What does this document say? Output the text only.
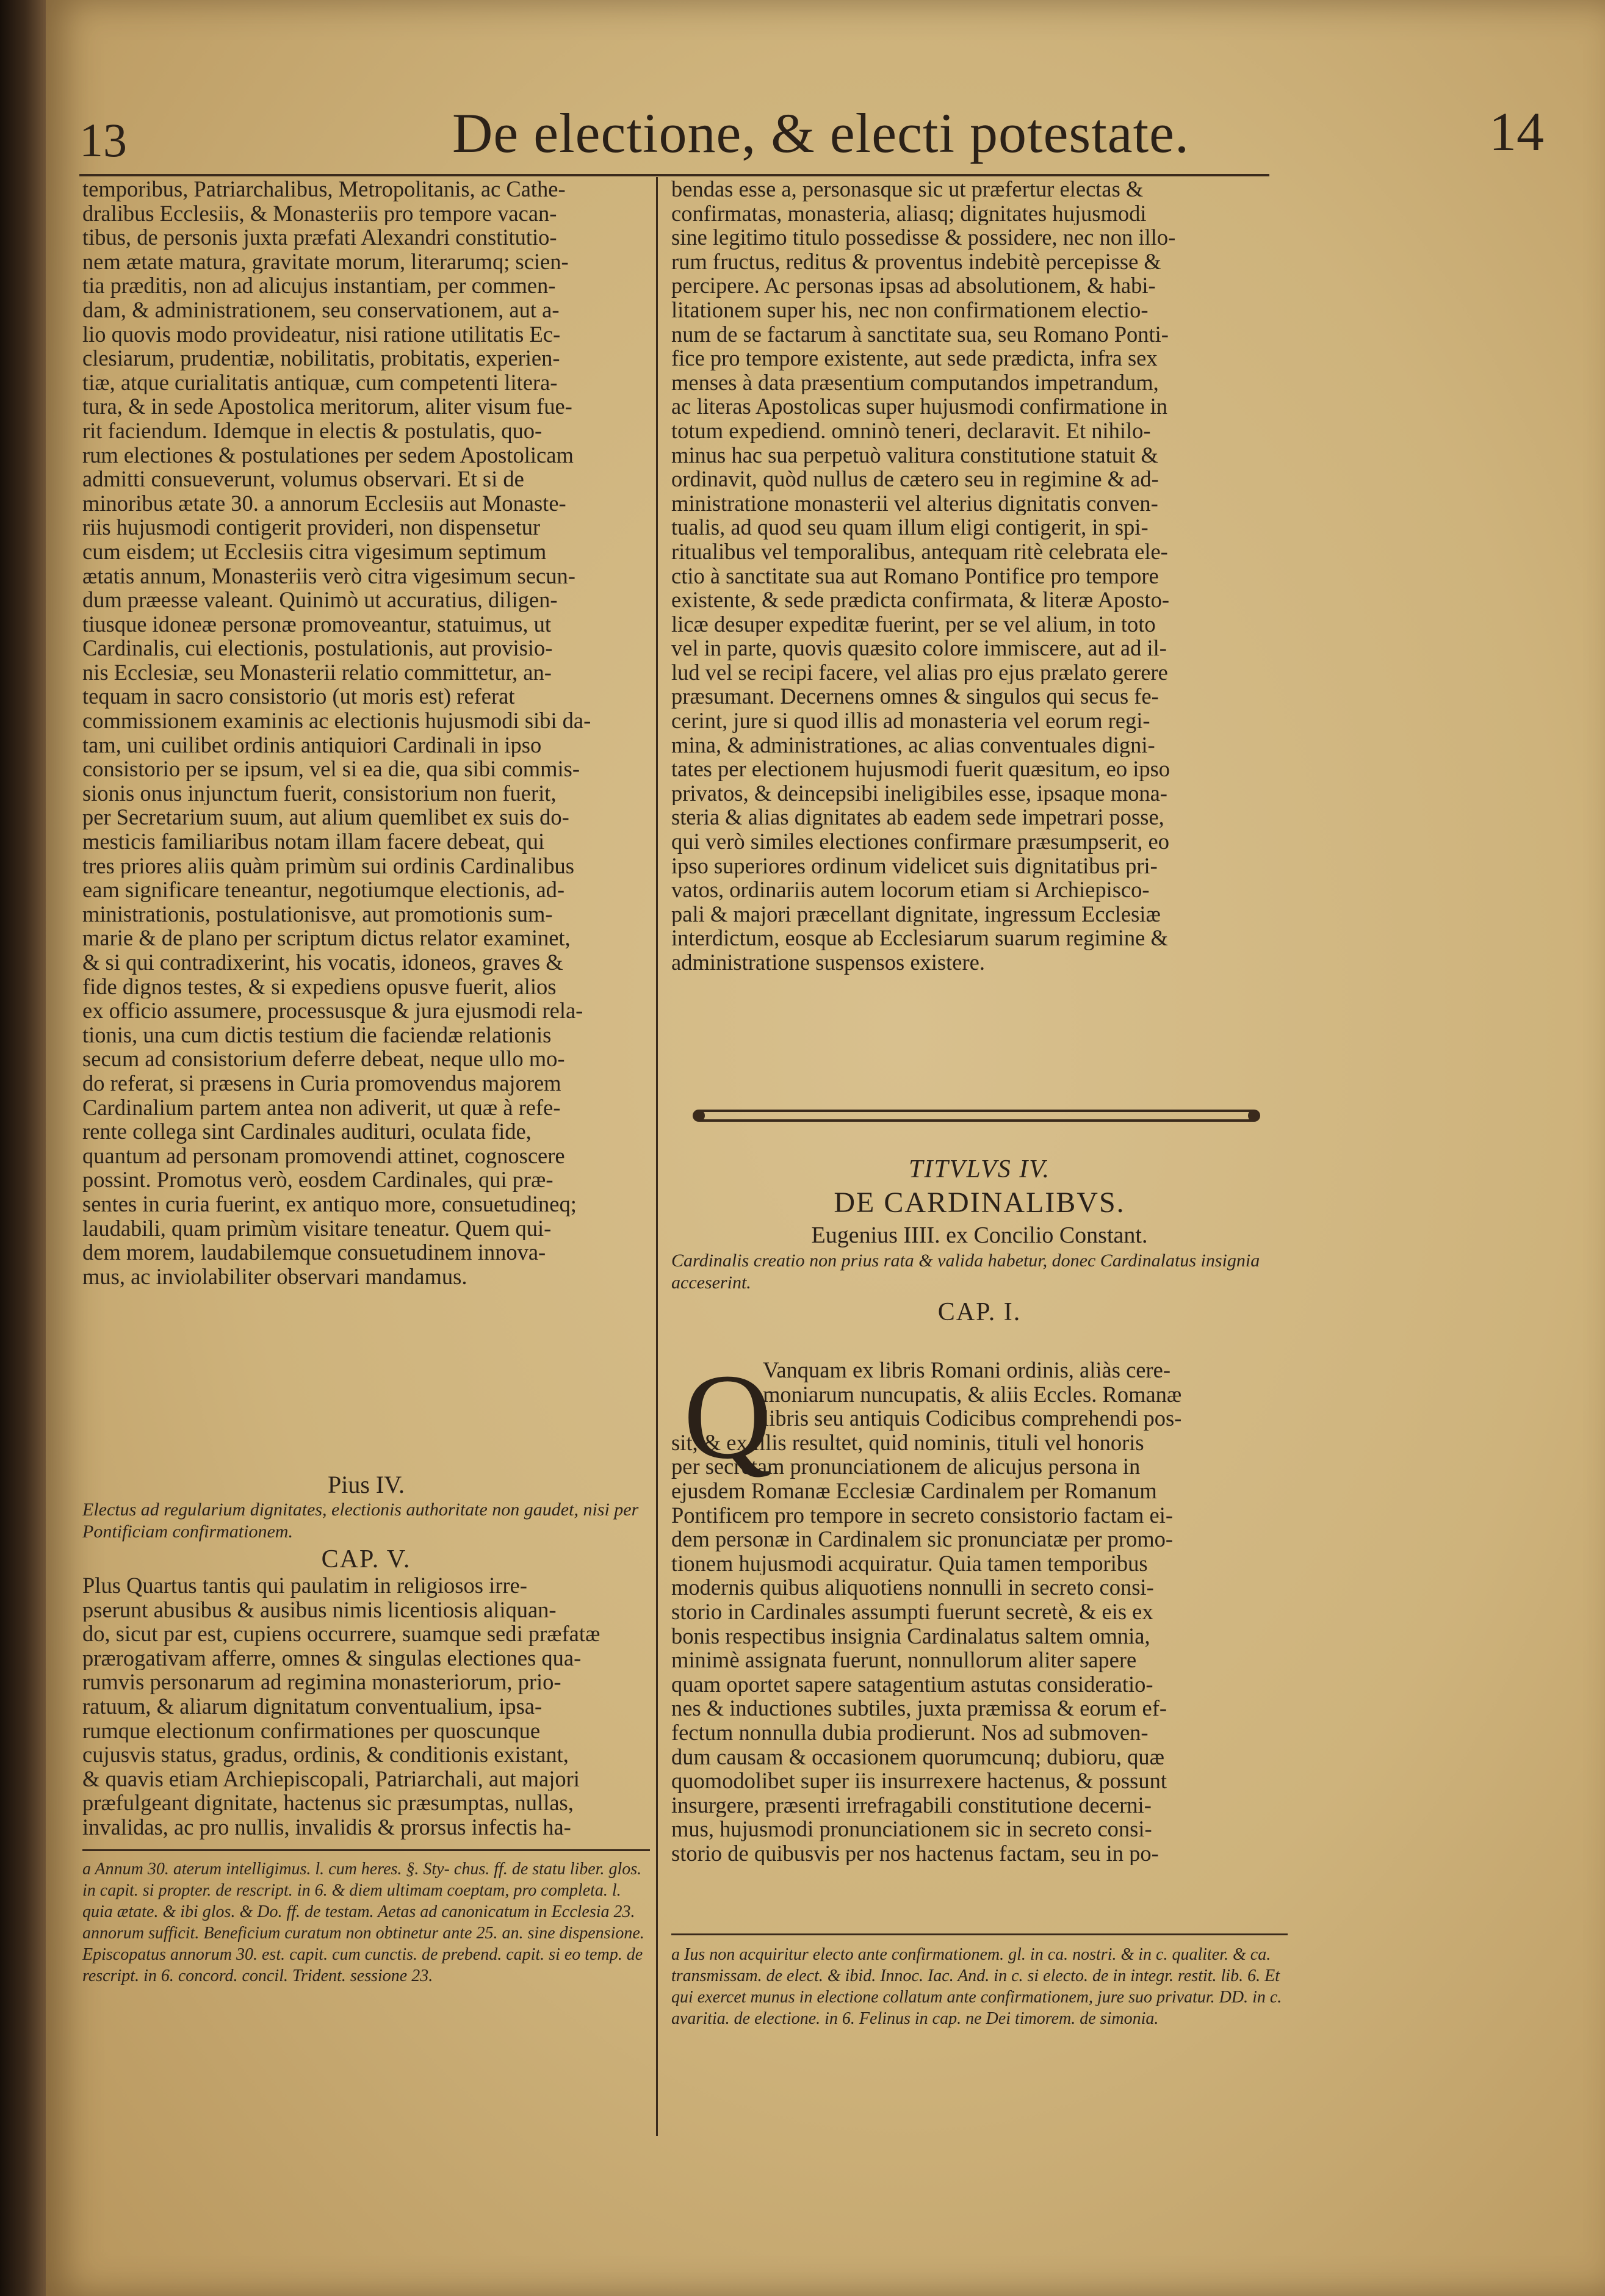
13	De electione, & electi potestate.	14
temporibus, Patriarchalibus, Metropolitanis, ac Cathe-
dralibus Ecclesiis, & Monasteriis pro tempore vacan-
tibus, de personis juxta præfati Alexandri constitutio-
nem ætate matura, gravitate morum, literarumq; scien-
tia præditis, non ad alicujus instantiam, per commen-
dam, & administrationem, seu conservationem, aut a-
lio quovis modo provideatur, nisi ratione utilitatis Ec-
clesiarum, prudentiæ, nobilitatis, probitatis, experien-
tiæ, atque curialitatis antiquæ, cum competenti litera-
tura, & in sede Apostolica meritorum, aliter visum fue-
rit faciendum. Idemque in electis & postulatis, quo-
rum electiones & postulationes per sedem Apostolicam
admitti consueverunt, volumus observari. Et si de
minoribus ætate 30. a annorum Ecclesiis aut Monaste-
riis hujusmodi contigerit provideri, non dispensetur
cum eisdem; ut Ecclesiis citra vigesimum septimum
ætatis annum, Monasteriis verò citra vigesimum secun-
dum præesse valeant. Quinimò ut accuratius, diligen-
tiusque idoneæ personæ promoveantur, statuimus, ut
Cardinalis, cui electionis, postulationis, aut provisio-
nis Ecclesiæ, seu Monasterii relatio committetur, an-
tequam in sacro consistorio (ut moris est) referat
commissionem examinis ac electionis hujusmodi sibi da-
tam, uni cuilibet ordinis antiquiori Cardinali in ipso
consistorio per se ipsum, vel si ea die, qua sibi commis-
sionis onus injunctum fuerit, consistorium non fuerit,
per Secretarium suum, aut alium quemlibet ex suis do-
mesticis familiaribus notam illam facere debeat, qui
tres priores aliis quàm primùm sui ordinis Cardinalibus
eam significare teneantur, negotiumque electionis, ad-
ministrationis, postulationisve, aut promotionis sum-
marie & de plano per scriptum dictus relator examinet,
& si qui contradixerint, his vocatis, idoneos, graves &
fide dignos testes, & si expediens opusve fuerit, alios
ex officio assumere, processusque & jura ejusmodi rela-
tionis, una cum dictis testium die faciendæ relationis
secum ad consistorium deferre debeat, neque ullo mo-
do referat, si præsens in Curia promovendus majorem
Cardinalium partem antea non adiverit, ut quæ à refe-
rente collega sint Cardinales audituri, oculata fide,
quantum ad personam promovendi attinet, cognoscere
possint. Promotus verò, eosdem Cardinales, qui præ-
sentes in curia fuerint, ex antiquo more, consuetudineq;
laudabili, quam primùm visitare teneatur. Quem qui-
dem morem, laudabilemque consuetudinem innova-
mus, ac inviolabiliter observari mandamus.
Pius IV.
Electus ad regularium dignitates, electionis authoritate non gaudet, nisi per Pontificiam confirmationem.
CAP. V.
Plus Quartus tantis qui paulatim in religiosos irre-
pserunt abusibus & ausibus nimis licentiosis aliquan-
do, sicut par est, cupiens occurrere, suamque sedi præfatæ
prærogativam afferre, omnes & singulas electiones qua-
rumvis personarum ad regimina monasteriorum, prio-
ratuum, & aliarum dignitatum conventualium, ipsa-
rumque electionum confirmationes per quoscunque
cujusvis status, gradus, ordinis, & conditionis existant,
& quavis etiam Archiepiscopali, Patriarchali, aut majori
præfulgeant dignitate, hactenus sic præsumptas, nullas,
invalidas, ac pro nullis, invalidis & prorsus infectis ha-
a Annum 30. aterum intelligimus. l. cum heres. §. Sty- chus. ff. de statu liber. glos. in capit. si propter. de rescript. in 6. & diem ultimam coeptam, pro completa. l. quia ætate. & ibi glos. & Do. ff. de testam. Aetas ad canonicatum in Ecclesia 23. annorum sufficit. Beneficium curatum non obtinetur ante 25. an. sine dispensione. Episcopatus annorum 30. est. capit. cum cunctis. de prebend. capit. si eo temp. de rescript. in 6. concord. concil. Trident. sessione 23.
bendas esse a, personasque sic ut præfertur electas &
confirmatas, monasteria, aliasq; dignitates hujusmodi
sine legitimo titulo possedisse & possidere, nec non illo-
rum fructus, reditus & proventus indebitè percepisse &
percipere. Ac personas ipsas ad absolutionem, & habi-
litationem super his, nec non confirmationem electio-
num de se factarum à sanctitate sua, seu Romano Ponti-
fice pro tempore existente, aut sede prædicta, infra sex
menses à data præsentium computandos impetrandum,
ac literas Apostolicas super hujusmodi confirmatione in
totum expediend. omninò teneri, declaravit. Et nihilo-
minus hac sua perpetuò valitura constitutione statuit &
ordinavit, quòd nullus de cætero seu in regimine & ad-
ministratione monasterii vel alterius dignitatis conven-
tualis, ad quod seu quam illum eligi contigerit, in spi-
ritualibus vel temporalibus, antequam ritè celebrata ele-
ctio à sanctitate sua aut Romano Pontifice pro tempore
existente, & sede prædicta confirmata, & literæ Aposto-
licæ desuper expeditæ fuerint, per se vel alium, in toto
vel in parte, quovis quæsito colore immiscere, aut ad il-
lud vel se recipi facere, vel alias pro ejus prælato gerere
præsumant. Decernens omnes & singulos qui secus fe-
cerint, jure si quod illis ad monasteria vel eorum regi-
mina, & administrationes, ac alias conventuales digni-
tates per electionem hujusmodi fuerit quæsitum, eo ipso
privatos, & deincepsibi ineligibiles esse, ipsaque mona-
steria & alias dignitates ab eadem sede impetrari posse,
qui verò similes electiones confirmare præsumpserit, eo
ipso superiores ordinum videlicet suis dignitatibus pri-
vatos, ordinariis autem locorum etiam si Archiepisco-
pali & majori præcellant dignitate, ingressum Ecclesiæ
interdictum, eosque ab Ecclesiarum suarum regimine &
administratione suspensos existere.
TITVLVS IV.
DE CARDINALIBVS.
Eugenius IIII. ex Concilio Constant.
Cardinalis creatio non prius rata & valida habetur, donec Cardinalatus insignia acceserint.
CAP. I.
Q
Vanquam ex libris Romani ordinis, aliàs cere-
moniarum nuncupatis, & aliis Eccles. Romanæ
libris seu antiquis Codicibus comprehendi pos-
sit, & ex illis resultet, quid nominis, tituli vel honoris
per secretam pronunciationem de alicujus persona in
ejusdem Romanæ Ecclesiæ Cardinalem per Romanum
Pontificem pro tempore in secreto consistorio factam ei-
dem personæ in Cardinalem sic pronunciatæ per promo-
tionem hujusmodi acquiratur. Quia tamen temporibus
modernis quibus aliquotiens nonnulli in secreto consi-
storio in Cardinales assumpti fuerunt secretè, & eis ex
bonis respectibus insignia Cardinalatus saltem omnia,
minimè assignata fuerunt, nonnullorum aliter sapere
quam oportet sapere satagentium astutas consideratio-
nes & inductiones subtiles, juxta præmissa & eorum ef-
fectum nonnulla dubia prodierunt. Nos ad submoven-
dum causam & occasionem quorumcunq; dubioru, quæ
quomodolibet super iis insurrexere hactenus, & possunt
insurgere, præsenti irrefragabili constitutione decerni-
mus, hujusmodi pronunciationem sic in secreto consi-
storio de quibusvis per nos hactenus factam, seu in po-
a Ius non acquiritur electo ante confirmationem. gl. in ca. nostri. & in c. qualiter. & ca. transmissam. de elect. & ibid. Innoc. Iac. And. in c. si electo. de in integr. restit. lib. 6. Et qui exercet munus in electione collatum ante confirmationem, jure suo privatur. DD. in c. avaritia. de electione. in 6. Felinus in cap. ne Dei timorem. de simonia.
